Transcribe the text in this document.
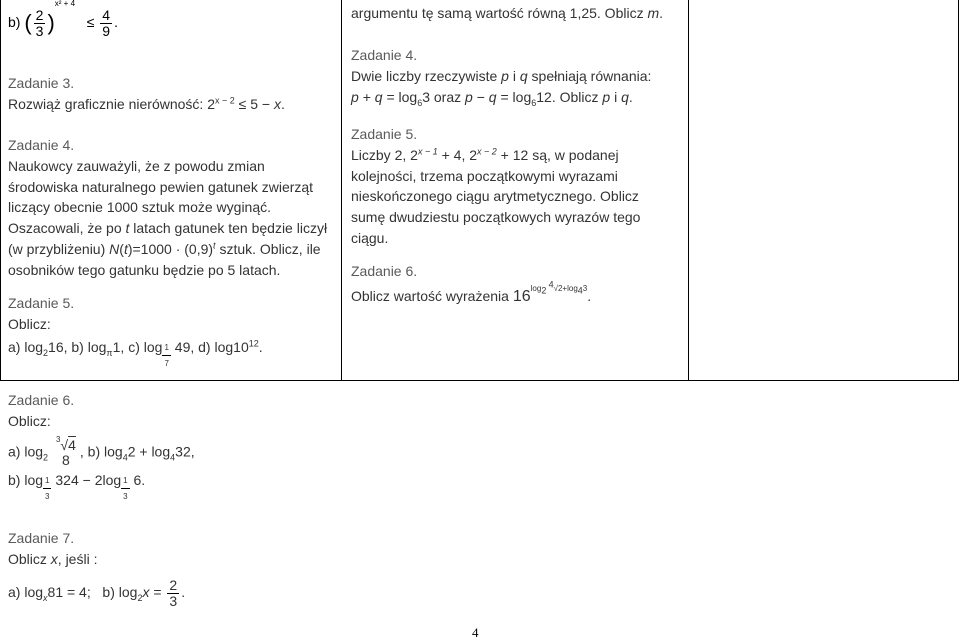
b) ( $\frac{2}{3} )^{x^2 + 4} \le \frac{4}{9}$ .
Zadanie 3.
Rozwiąż graficznie nierówność: $2^{x - 2} \le 5 - x$.
Zadanie 4.
Naukowcy zauważyli, że z powodu zmian
środowiska naturalnego pewien gatunek zwierząt
liczący obecnie 1000 sztuk może wyginąć.
Oszacowali, że po t latach gatunek ten będzie liczył
(w przybliżeniu) $N(t)=1000 \cdot (0,9)^t$ sztuk. Oblicz, ile
osobników tego gatunku będzie po 5 latach.
Zadanie 5.
Oblicz:
a) $\log_216$, b) $\log_\pi 1$, c) $\log \frac{1}{7} 49$, d) $\log 10^{12}$.
Zadanie 6.
Oblicz:
a) $\log_2$
$^3$√4
8
, b) $\log_42 + \log_432$,
b) $\log \frac{1}{3} 324 - 2\log \frac{1}{3} 6$.
Zadanie 7.
Oblicz x, jeśli :
a) $\log_x81 = 4$; b) $\log_2x = \frac{2}{3}$ .
argumentu tę samą wartość równą 1,25. Oblicz m.
Zadanie 4.
Dwie liczby rzeczywiste p i q spełniają równania:
$p + q = \log_63$ oraz $p - q = \log_612$. Oblicz p i q.
Zadanie 5.
Liczby 2, $2^{x - 1} + 4$, $2^{x - 2} + 12$ są, w podanej
kolejności, trzema początkowymi wyrazami
nieskończonego ciągu arytmetycznego. Oblicz
sumę dwudziestu początkowych wyrazów tego
ciągu.
Zadanie 6.
Oblicz wartość wyrażenia $16^{log_2 ^4√2+log_43}$.
4
